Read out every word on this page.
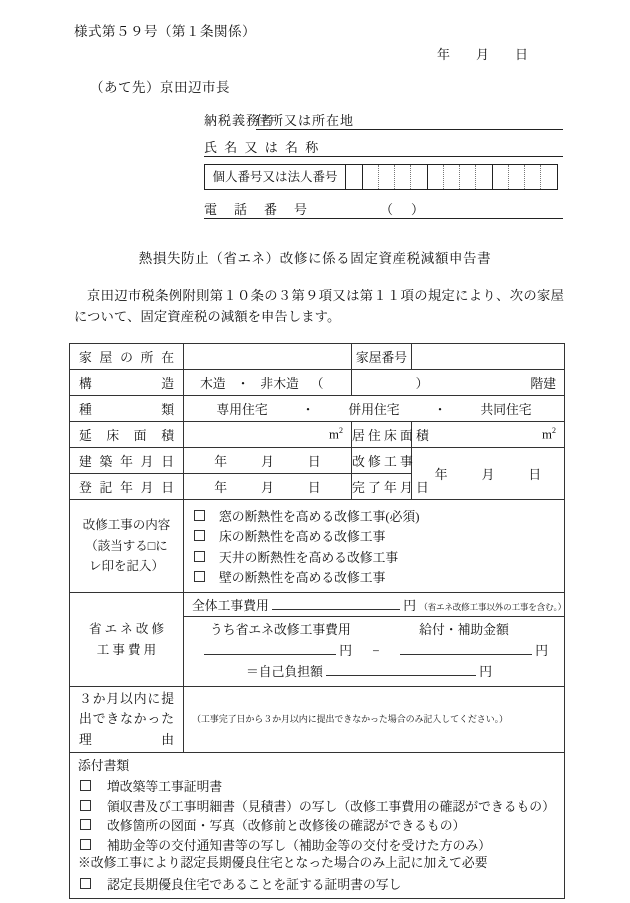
様式第５９号（第１条関係）
年 月 日
（あて先）京田辺市長
納税義務者
住所又は所在地
氏 名 又 は 名 称
個人番号又は法人番号
電　話　番　号	（）
熱損失防止（省エネ）改修に係る固定資産税減額申告書
京田辺市税条例附則第１０条の３第９項又は第１１項の規定により、次の家屋について、固定資産税の減額を申告します。
家 屋 の 所 在		家屋番号	
構　　　　　造	木造 ・ 非木造 （ ）	階建	
種　　　　　類	専用住宅 ・ 併用住宅 ・ 共同住宅		
延 床 面 積	$m^2$	居 住 床 面 積	$m^2$
建 築 年 月 日	年 月 日	改 修 工 事	年 月 日
登 記 年 月 日	年 月 日	完 了 年 月 日	

改修工事の内容
（該当する□に
レ印を記入）

窓の断熱性を高める改修工事(必須)
床の断熱性を高める改修工事
天井の断熱性を高める改修工事
壁の断熱性を高める改修工事

省 エ ネ 改 修
工 事 費 用	全体工事費用 円 （省エネ改修工事以外の工事を含む。）		

	うち省エネ改修工事費用 給付・補助金額
円 − 円
＝自己負担額 円		

３か月以内に提
出できなかった
理　　　　　由	（工事完了日から３か月以内に提出できなかった場合のみ記入してください。）		

添付書類
増改築等工事証明書
領収書及び工事明細書（見積書）の写し（改修工事費用の確認ができるもの）
改修箇所の図面・写真（改修前と改修後の確認ができるもの）
補助金等の交付通知書等の写し（補助金等の交付を受けた方のみ）
※改修工事により認定長期優良住宅となった場合のみ上記に加えて必要
認定長期優良住宅であることを証する証明書の写し
